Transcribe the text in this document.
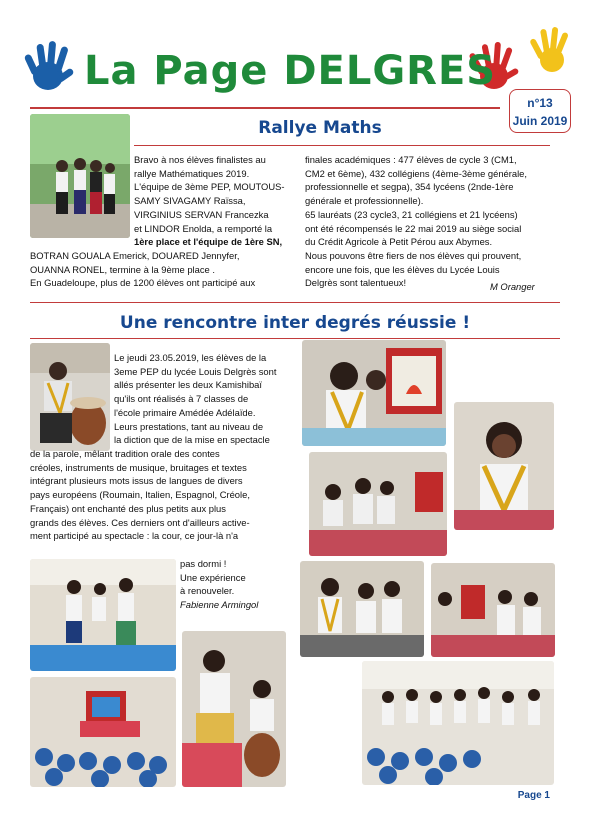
La Page DELGRES
n°13
Juin 2019
Rallye Maths
Bravo à nos élèves finalistes au
rallye Mathématiques 2019.
L'équipe de 3ème PEP, MOUTOUS-
SAMY SIVAGAMY Raïssa,
VIRGINIUS SERVAN Francezka
et LINDOR Enolda, a remporté la
1ère place et l'équipe de 1ère SN,
BOTRAN GOUALA Emerick, DOUARED Jennyfer,
OUANNA RONEL, termine à la 9ème place .
En Guadeloupe, plus de 1200 élèves ont participé aux
finales académiques : 477 élèves de cycle 3 (CM1,
CM2 et 6ème), 432 collégiens (4ème-3ème générale,
professionnelle et segpa), 354 lycéens (2nde-1ère
générale et professionnelle).
65 lauréats (23 cycle3, 21 collégiens et 21 lycéens)
ont été récompensés le 22 mai 2019 au siège social
du Crédit Agricole à Petit Pérou aux Abymes.
Nous pouvons être fiers de nos élèves qui prouvent,
encore une fois, que les élèves du Lycée Louis
Delgrès sont talentueux!	M Oranger
Une rencontre inter degrés réussie !
Le jeudi 23.05.2019, les élèves de la
3eme PEP du lycée Louis Delgrès sont
allés présenter les deux Kamishibaï
qu'ils ont réalisés à 7 classes de
l'école primaire Amédée Adélaïde.
Leurs prestations, tant au niveau de
la diction que de la mise en spectacle
de la parole, mêlant tradition orale des contes
créoles, instruments de musique, bruitages et textes
intégrant plusieurs mots issus de langues de divers
pays européens (Roumain, Italien, Espagnol, Créole,
Français) ont enchanté des plus petits aux plus
grands des élèves. Ces derniers ont d'ailleurs active-
ment participé au spectacle : la cour, ce jour-là n'a
pas dormi !
Une expérience
à renouveler.
Fabienne Armingol
Page 1
